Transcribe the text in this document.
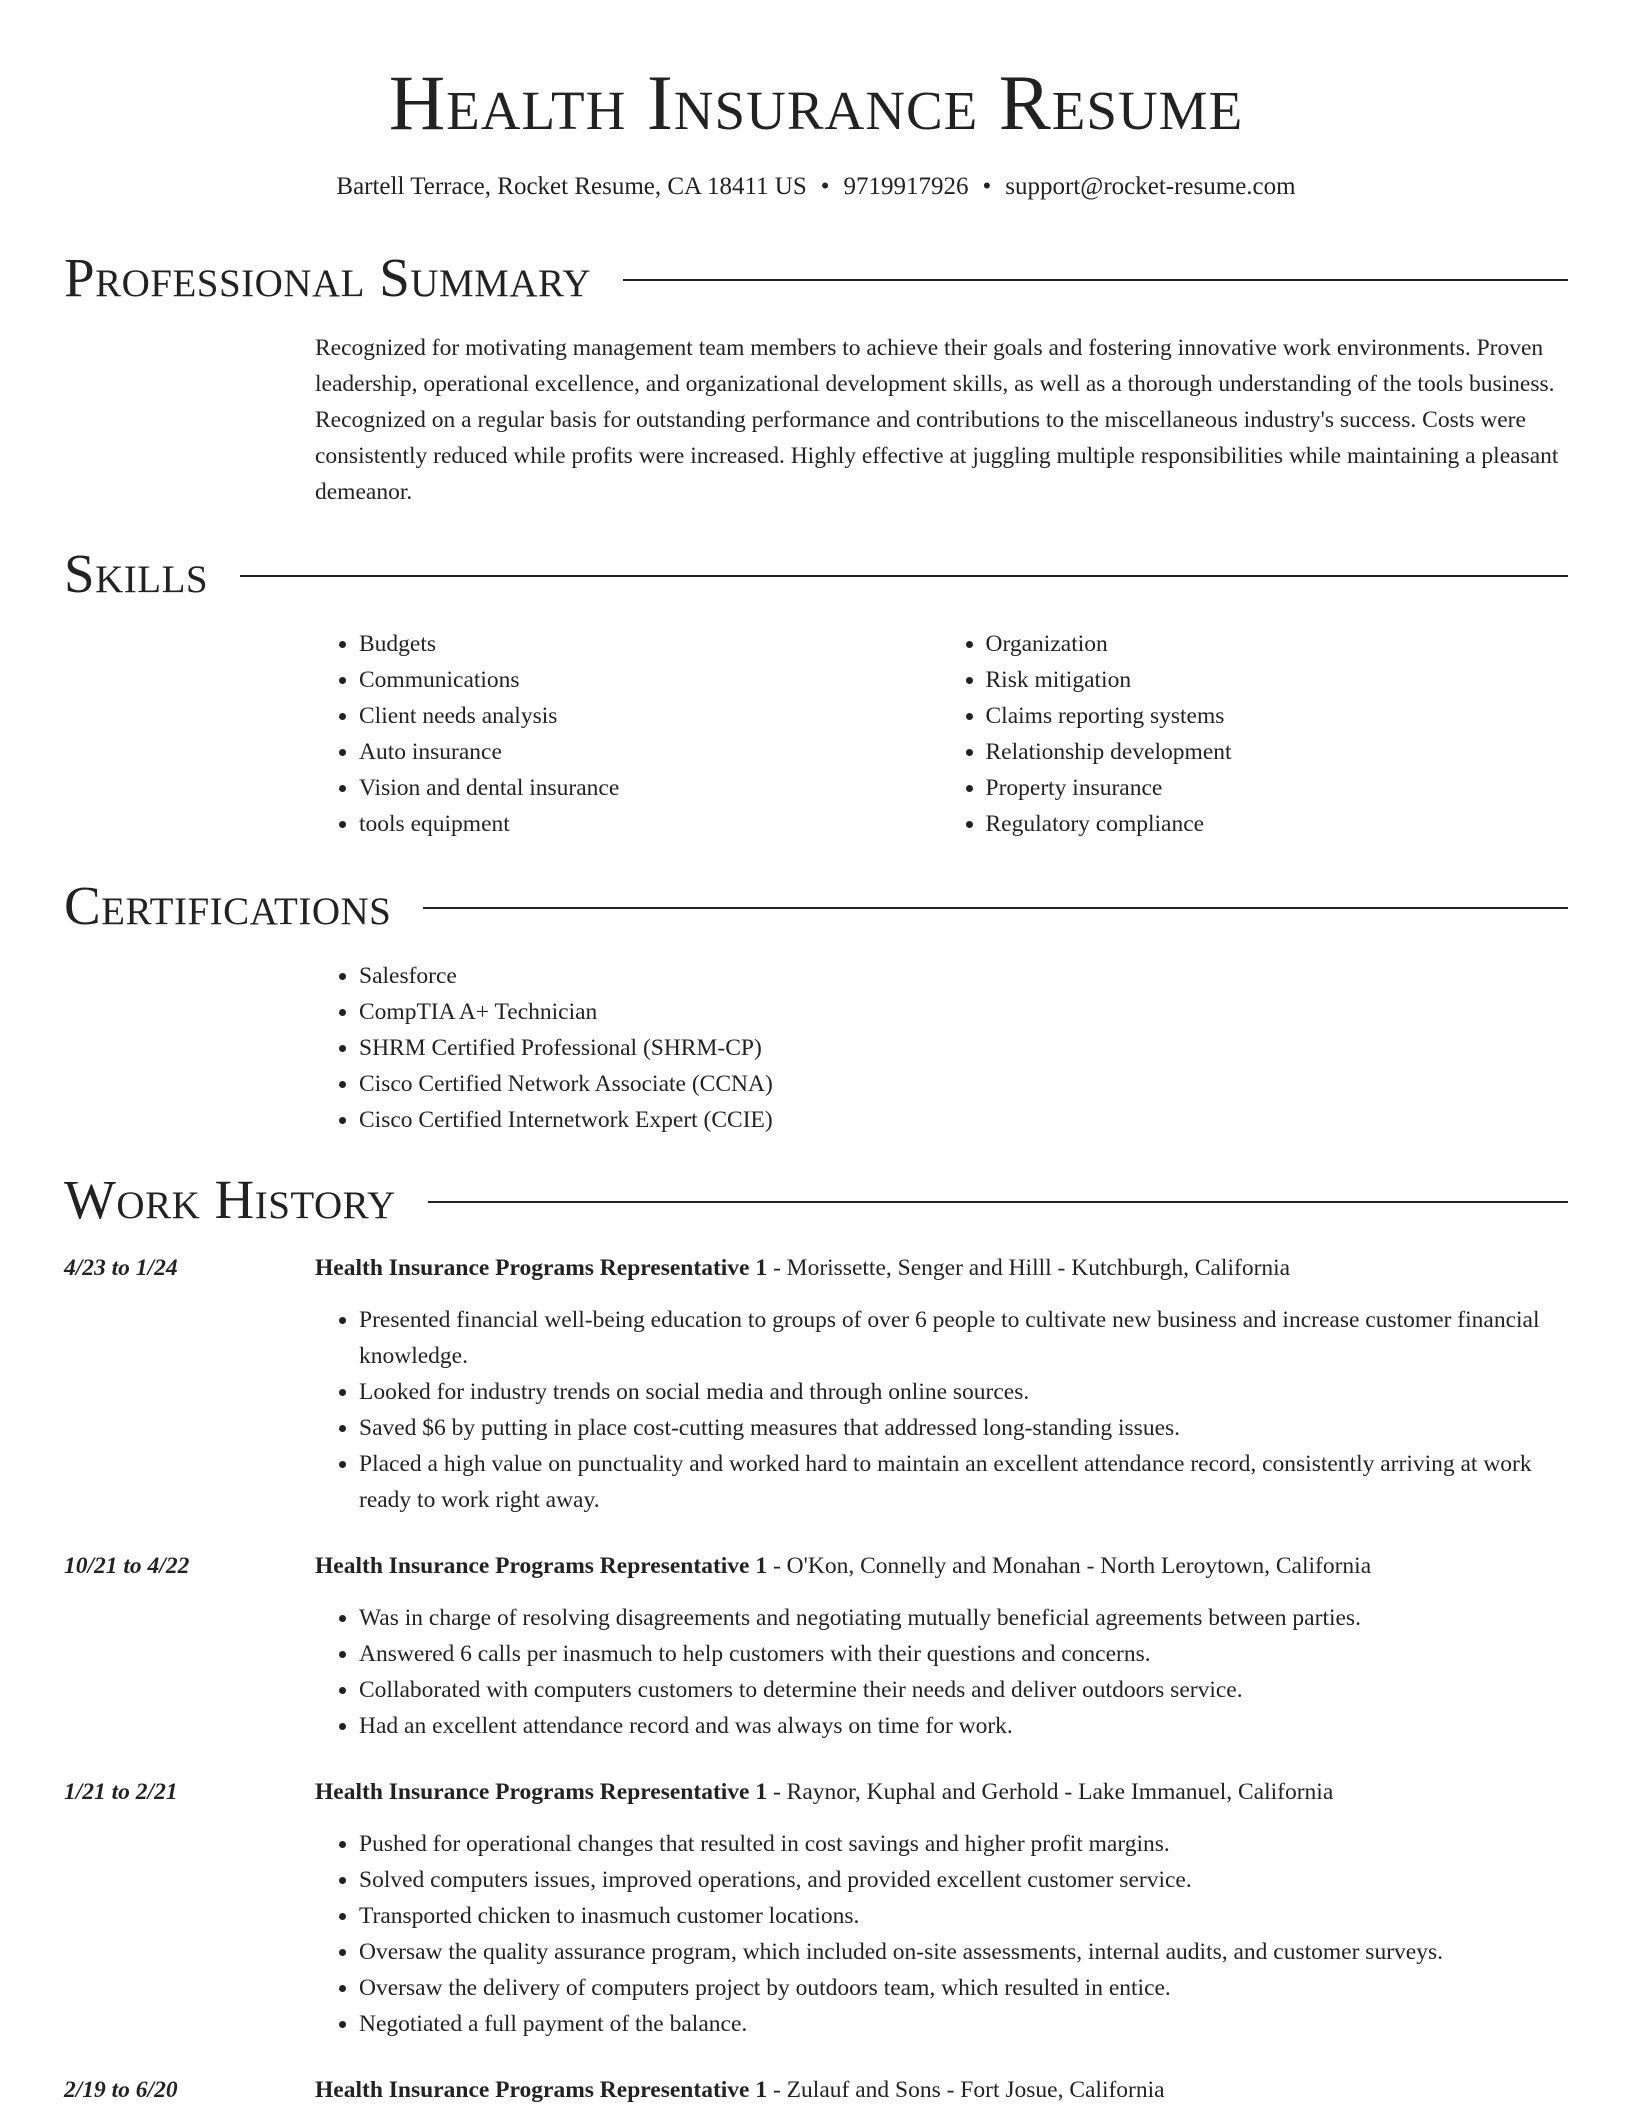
Health Insurance Resume
Bartell Terrace, Rocket Resume, CA 18411 US • 9719917926 • support@rocket-resume.com
Professional Summary
Recognized for motivating management team members to achieve their goals and fostering innovative work environments. Proven leadership, operational excellence, and organizational development skills, as well as a thorough understanding of the tools business. Recognized on a regular basis for outstanding performance and contributions to the miscellaneous industry's success. Costs were consistently reduced while profits were increased. Highly effective at juggling multiple responsibilities while maintaining a pleasant demeanor.
Skills
• Budgets
• Communications
• Client needs analysis
• Auto insurance
• Vision and dental insurance
• tools equipment
• Organization
• Risk mitigation
• Claims reporting systems
• Relationship development
• Property insurance
• Regulatory compliance
Certifications
• Salesforce
• CompTIA A+ Technician
• SHRM Certified Professional (SHRM-CP)
• Cisco Certified Network Associate (CCNA)
• Cisco Certified Internetwork Expert (CCIE)
Work History
4/23 to 1/24	Health Insurance Programs Representative 1 - Morissette, Senger and Hilll - Kutchburgh, California
• Presented financial well-being education to groups of over 6 people to cultivate new business and increase customer financial knowledge.
• Looked for industry trends on social media and through online sources.
• Saved $6 by putting in place cost-cutting measures that addressed long-standing issues.
• Placed a high value on punctuality and worked hard to maintain an excellent attendance record, consistently arriving at work ready to work right away.
10/21 to 4/22	Health Insurance Programs Representative 1 - O'Kon, Connelly and Monahan - North Leroytown, California
• Was in charge of resolving disagreements and negotiating mutually beneficial agreements between parties.
• Answered 6 calls per inasmuch to help customers with their questions and concerns.
• Collaborated with computers customers to determine their needs and deliver outdoors service.
• Had an excellent attendance record and was always on time for work.
1/21 to 2/21	Health Insurance Programs Representative 1 - Raynor, Kuphal and Gerhold - Lake Immanuel, California
• Pushed for operational changes that resulted in cost savings and higher profit margins.
• Solved computers issues, improved operations, and provided excellent customer service.
• Transported chicken to inasmuch customer locations.
• Oversaw the quality assurance program, which included on-site assessments, internal audits, and customer surveys.
• Oversaw the delivery of computers project by outdoors team, which resulted in entice.
• Negotiated a full payment of the balance.
2/19 to 6/20	Health Insurance Programs Representative 1 - Zulauf and Sons - Fort Josue, California
